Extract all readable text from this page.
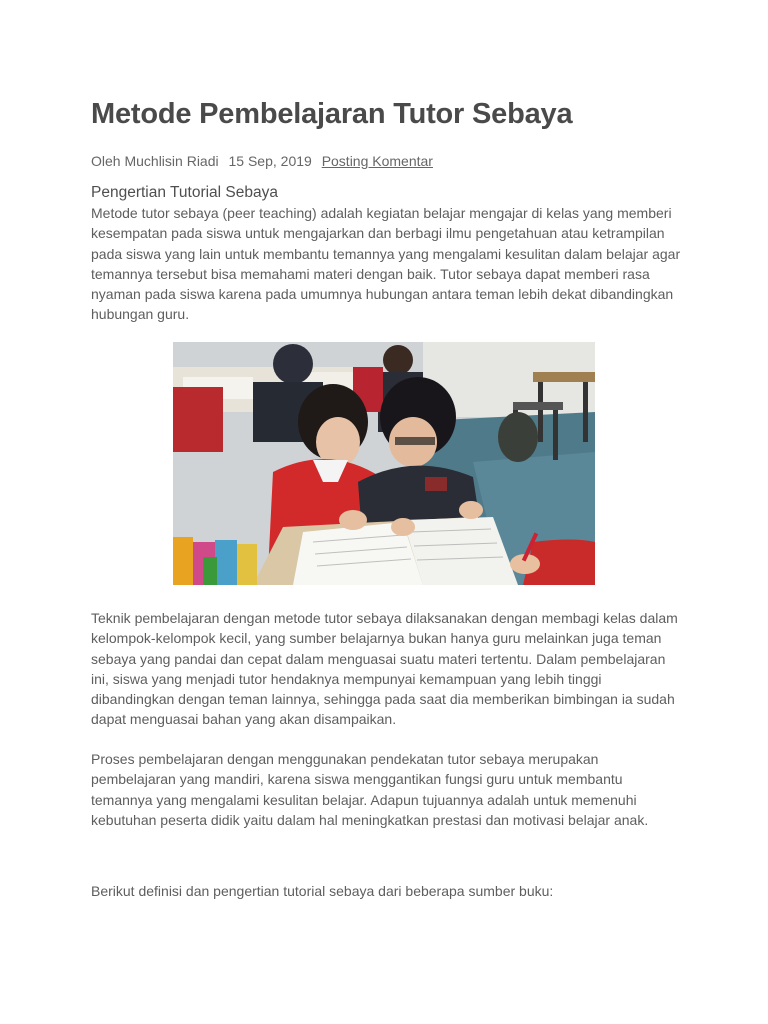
Metode Pembelajaran Tutor Sebaya
Oleh Muchlisin Riadi 15 Sep, 2019 Posting Komentar
Pengertian Tutorial Sebaya

Metode tutor sebaya (peer teaching) adalah kegiatan belajar mengajar di kelas yang memberi kesempatan pada siswa untuk mengajarkan dan berbagi ilmu pengetahuan atau ketrampilan pada siswa yang lain untuk membantu temannya yang mengalami kesulitan dalam belajar agar temannya tersebut bisa memahami materi dengan baik. Tutor sebaya dapat memberi rasa nyaman pada siswa karena pada umumnya hubungan antara teman lebih dekat dibandingkan hubungan guru.

Teknik pembelajaran dengan metode tutor sebaya dilaksanakan dengan membagi kelas dalam kelompok-kelompok kecil, yang sumber belajarnya bukan hanya guru melainkan juga teman sebaya yang pandai dan cepat dalam menguasai suatu materi tertentu. Dalam pembelajaran ini, siswa yang menjadi tutor hendaknya mempunyai kemampuan yang lebih tinggi dibandingkan dengan teman lainnya, sehingga pada saat dia memberikan bimbingan ia sudah dapat menguasai bahan yang akan disampaikan.

Proses pembelajaran dengan menggunakan pendekatan tutor sebaya merupakan pembelajaran yang mandiri, karena siswa menggantikan fungsi guru untuk membantu temannya yang mengalami kesulitan belajar. Adapun tujuannya adalah untuk memenuhi kebutuhan peserta didik yaitu dalam hal meningkatkan prestasi dan motivasi belajar anak.

Berikut definisi dan pengertian tutorial sebaya dari beberapa sumber buku:
